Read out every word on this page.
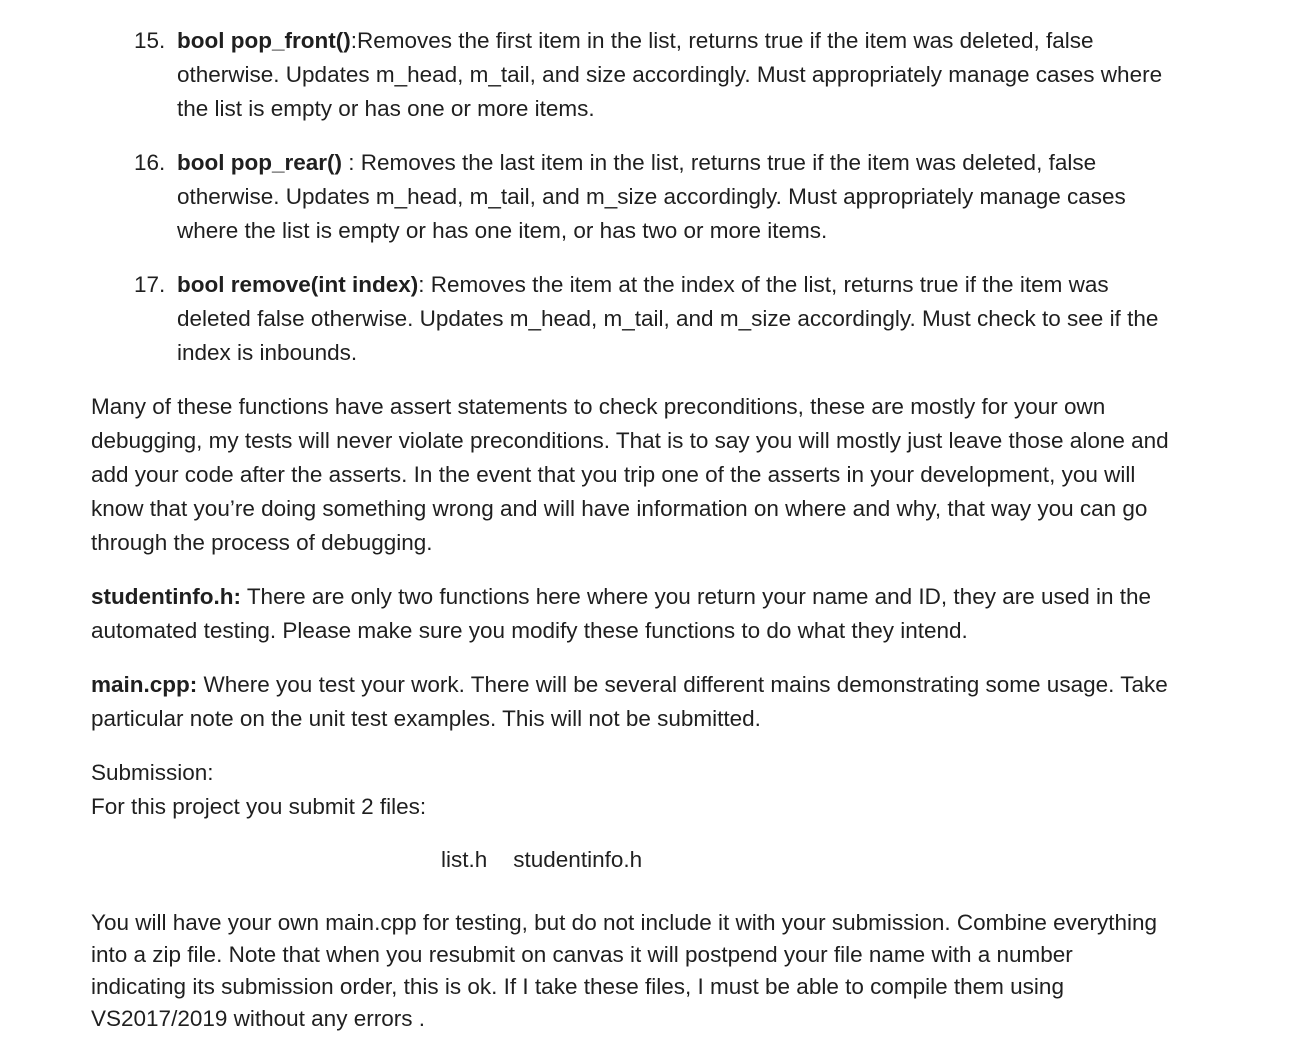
15. bool pop_front():Removes the first item in the list, returns true if the item was deleted, false
otherwise. Updates m_head, m_tail, and size accordingly. Must appropriately manage cases where
the list is empty or has one or more items.
16. bool pop_rear() : Removes the last item in the list, returns true if the item was deleted, false
otherwise. Updates m_head, m_tail, and m_size accordingly. Must appropriately manage cases
where the list is empty or has one item, or has two or more items.
17. bool remove(int index): Removes the item at the index of the list, returns true if the item was
deleted false otherwise. Updates m_head, m_tail, and m_size accordingly. Must check to see if the
index is inbounds.
Many of these functions have assert statements to check preconditions, these are mostly for your own
debugging, my tests will never violate preconditions. That is to say you will mostly just leave those alone and
add your code after the asserts. In the event that you trip one of the asserts in your development, you will
know that you’re doing something wrong and will have information on where and why, that way you can go
through the process of debugging.
studentinfo.h: There are only two functions here where you return your name and ID, they are used in the
automated testing. Please make sure you modify these functions to do what they intend.
main.cpp: Where you test your work. There will be several different mains demonstrating some usage. Take
particular note on the unit test examples. This will not be submitted.
Submission:
For this project you submit 2 files:
list.h studentinfo.h
You will have your own main.cpp for testing, but do not include it with your submission. Combine everything
into a zip file. Note that when you resubmit on canvas it will postpend your file name with a number
indicating its submission order, this is ok. If I take these files, I must be able to compile them using
VS2017/2019 without any errors .
